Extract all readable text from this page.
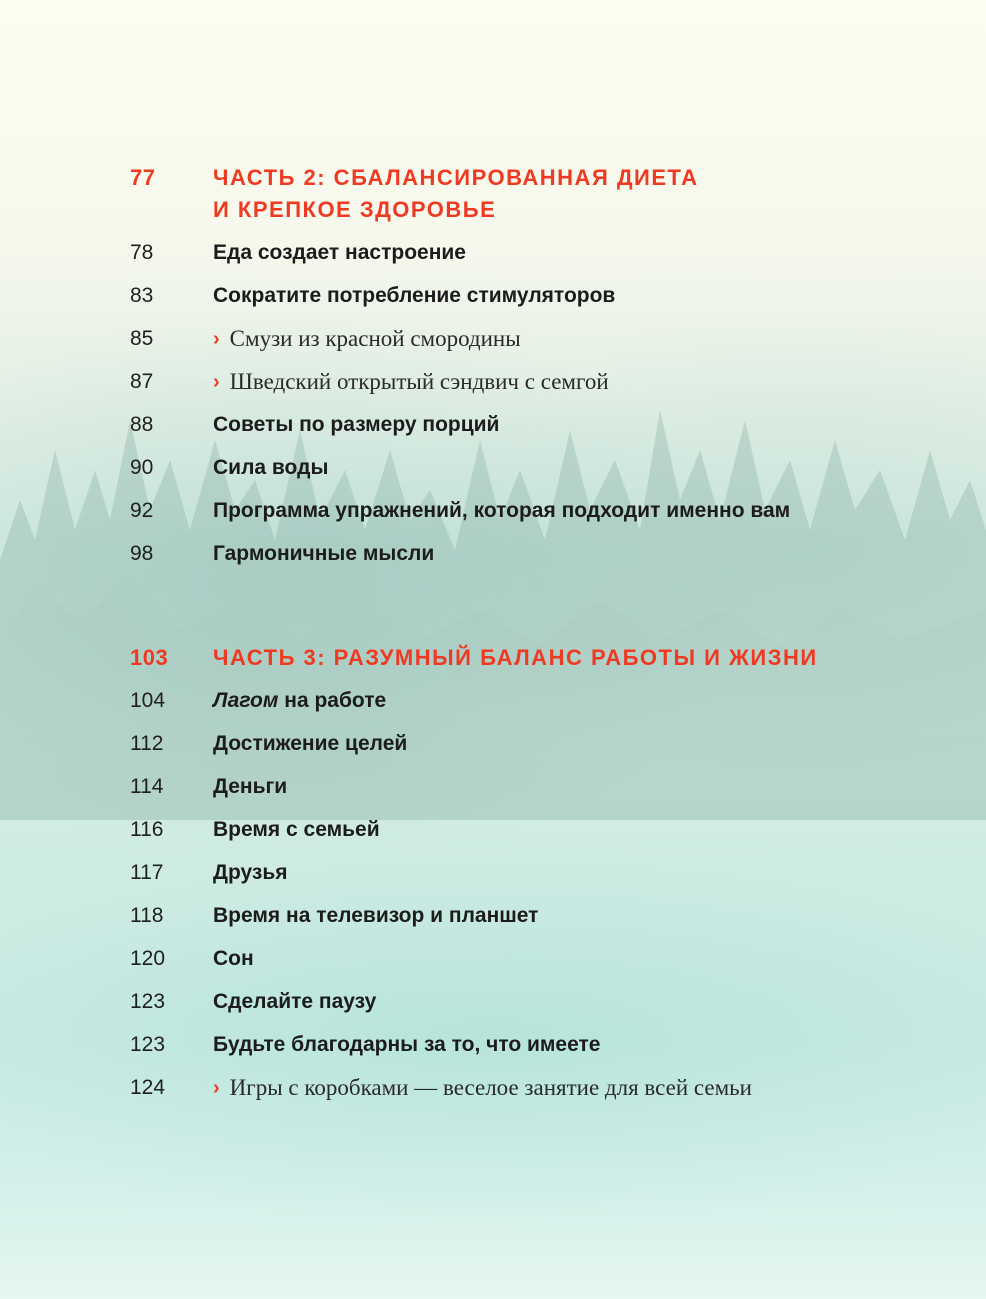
77	ЧАСТЬ 2: СБАЛАНСИРОВАННАЯ ДИЕТА
И КРЕПКОЕ ЗДОРОВЬЕ
78	Еда создает настроение
83	Сократите потребление стимуляторов
85	› Смузи из красной смородины
87	› Шведский открытый сэндвич с семгой
88	Советы по размеру порций
90	Сила воды
92	Программа упражнений, которая подходит именно вам
98	Гармоничные мысли
103 ЧАСТЬ 3: РАЗУМНЫЙ БАЛАНС РАБОТЫ И ЖИЗНИ
104 Лагом на работе
112 Достижение целей
114 Деньги
116 Время с семьей
117 Друзья
118 Время на телевизор и планшет
120 Сон
123 Сделайте паузу
123 Будьте благодарны за то, что имеете
124 › Игры с коробками — веселое занятие для всей семьи
